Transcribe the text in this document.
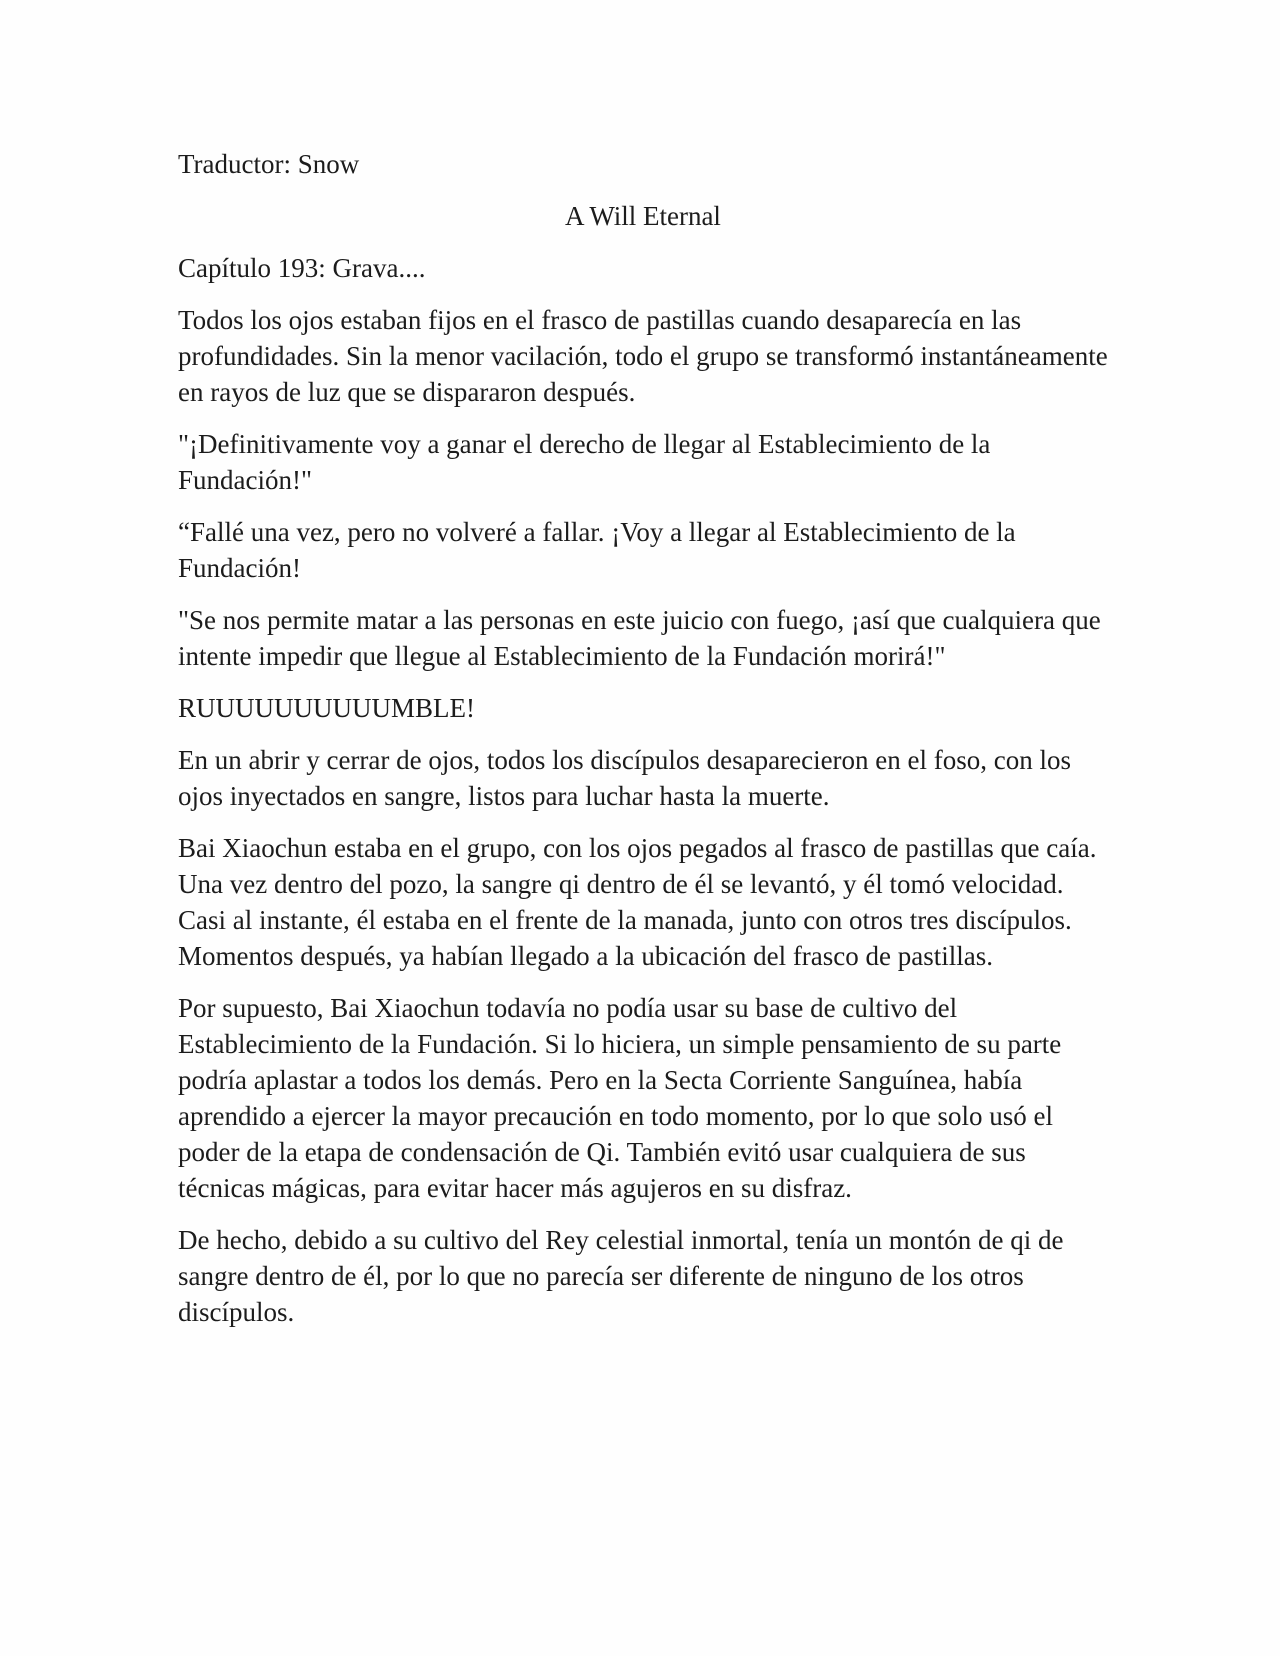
Traductor: Snow
A Will Eternal
Capítulo 193: Grava....

Todos los ojos estaban fijos en el frasco de pastillas cuando desaparecía en las profundidades. Sin la menor vacilación, todo el grupo se transformó instantáneamente en rayos de luz que se dispararon después.

"¡Definitivamente voy a ganar el derecho de llegar al Establecimiento de la Fundación!"

“Fallé una vez, pero no volveré a fallar. ¡Voy a llegar al Establecimiento de la Fundación!

"Se nos permite matar a las personas en este juicio con fuego, ¡así que cualquiera que intente impedir que llegue al Establecimiento de la Fundación morirá!"

RUUUUUUUUUUMBLE!

En un abrir y cerrar de ojos, todos los discípulos desaparecieron en el foso, con los ojos inyectados en sangre, listos para luchar hasta la muerte.

Bai Xiaochun estaba en el grupo, con los ojos pegados al frasco de pastillas que caía. Una vez dentro del pozo, la sangre qi dentro de él se levantó, y él tomó velocidad. Casi al instante, él estaba en el frente de la manada, junto con otros tres discípulos. Momentos después, ya habían llegado a la ubicación del frasco de pastillas.

Por supuesto, Bai Xiaochun todavía no podía usar su base de cultivo del Establecimiento de la Fundación. Si lo hiciera, un simple pensamiento de su parte podría aplastar a todos los demás. Pero en la Secta Corriente Sanguínea, había aprendido a ejercer la mayor precaución en todo momento, por lo que solo usó el poder de la etapa de condensación de Qi. También evitó usar cualquiera de sus técnicas mágicas, para evitar hacer más agujeros en su disfraz.

De hecho, debido a su cultivo del Rey celestial inmortal, tenía un montón de qi de sangre dentro de él, por lo que no parecía ser diferente de ninguno de los otros discípulos.
